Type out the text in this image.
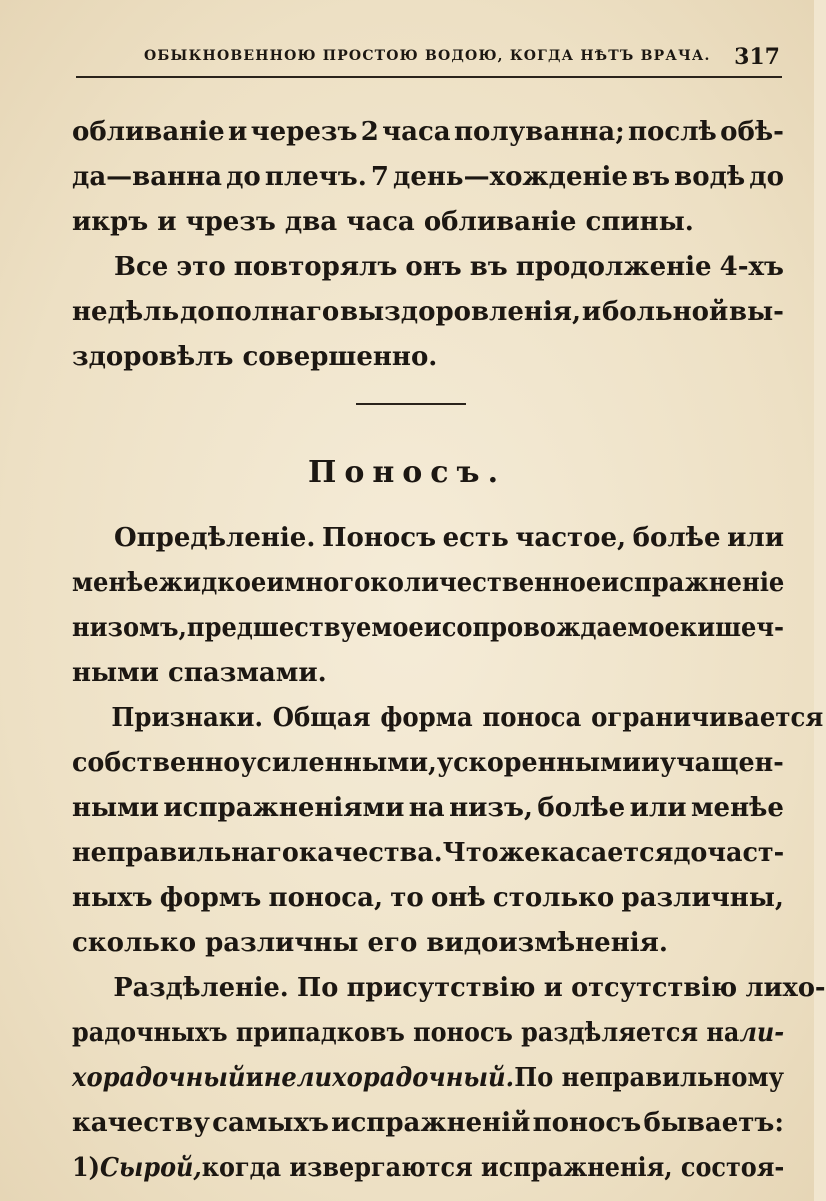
ОБЫКНОВЕННОЮ ПРОСТОЮ ВОДОЮ, КОГДА НѢТЪ ВРАЧА. 317
обливаніе и черезъ 2 часа полуванна; послѣ обѣ-
да—ванна до плечъ. 7 день—хожденіе въ водѣ до
икръ и чрезъ два часа обливаніе спины.
Все это повторялъ онъ въ продолженіе 4-хъ
недѣль до полнаго выздоровленія, и больной вы-
здоровѣлъ совершенно.
Поносъ.
Опредѣленіе. Поносъ есть частое, болѣе или
менѣе жидкое и многоколичественное испражненіе
низомъ, предшествуемое и сопровождаемое кишеч-
ными спазмами.
Признаки. Общая форма поноса ограничивается
собственно усиленными, ускоренными и учащен-
ными испражненіями на низъ, болѣе или менѣе
неправильнаго качества. Что же касается до част-
ныхъ формъ поноса, то онѣ столько различны,
сколько различны его видоизмѣненія.
Раздѣленіе. По присутствію и отсутствію лихо-
радочныхъ припадковъ поносъ раздѣляется на ли-
хорадочный и нелихорадочный. По неправильному
качеству самыхъ испражненій поносъ бываетъ:
1) Сырой, когда извергаются испражненія, состоя-
